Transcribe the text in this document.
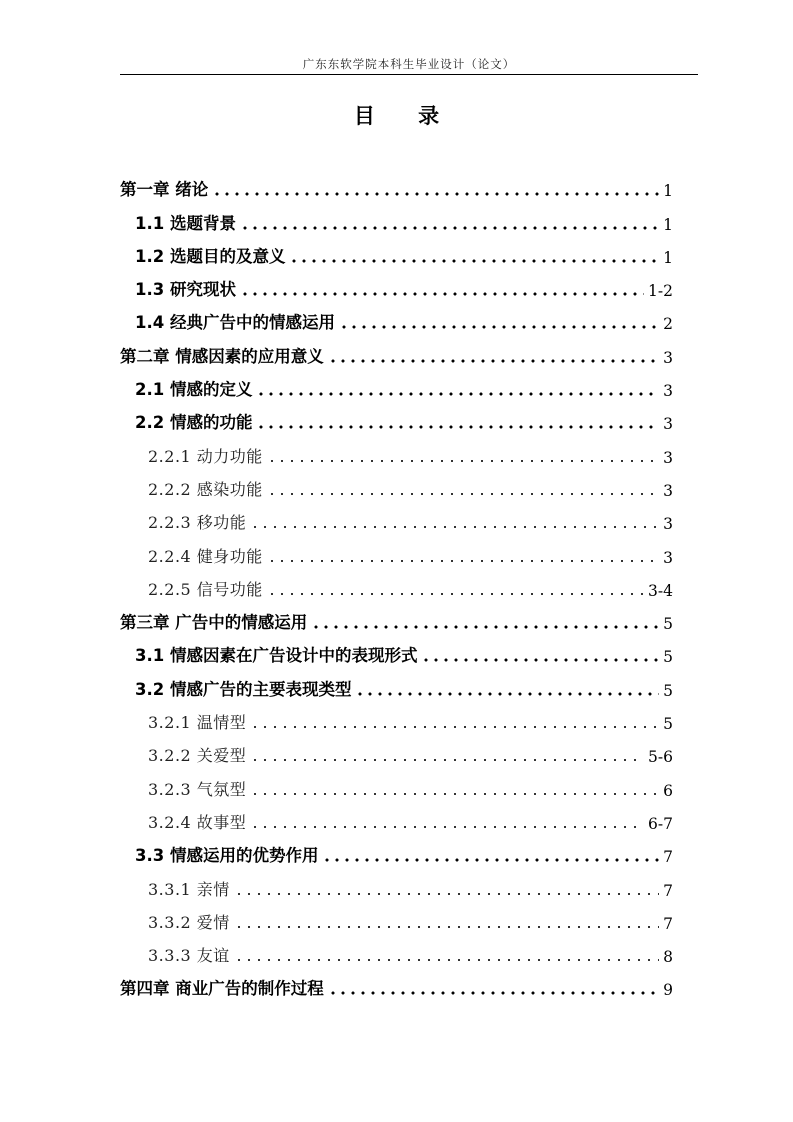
广东东软学院本科生毕业设计（论文）
目 录
第一章 绪论	1
1.1 选题背景	1
1.2 选题目的及意义	1
1.3 研究现状	1-2
1.4 经典广告中的情感运用	2
第二章 情感因素的应用意义	3
2.1 情感的定义	3
2.2 情感的功能	3
2.2.1 动力功能	3
2.2.2 感染功能	3
2.2.3 移功能	3
2.2.4 健身功能	3
2.2.5 信号功能	3-4
第三章 广告中的情感运用	5
3.1 情感因素在广告设计中的表现形式	5
3.2 情感广告的主要表现类型	5
3.2.1 温情型	5
3.2.2 关爱型	5-6
3.2.3 气氛型	6
3.2.4 故事型	6-7
3.3 情感运用的优势作用	7
3.3.1 亲情	7
3.3.2 爱情	7
3.3.3 友谊	8
第四章 商业广告的制作过程	9
